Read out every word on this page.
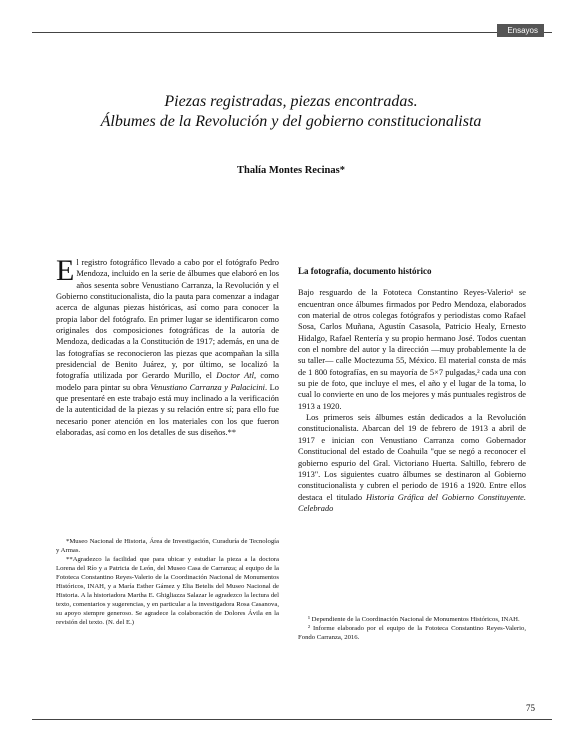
Ensayos
Piezas registradas, piezas encontradas.
Álbumes de la Revolución y del gobierno constitucionalista
Thalía Montes Recinas*

El registro fotográfico llevado a cabo por el fotógrafo Pedro Mendoza, incluido en la serie de álbumes que elaboró en los años sesenta sobre Venustiano Carranza, la Revolución y el Gobierno constitucionalista, dio la pauta para comenzar a indagar acerca de algunas piezas históricas, así como para conocer la propia labor del fotógrafo. En primer lugar se identificaron como originales dos composiciones fotográficas de la autoría de Mendoza, dedicadas a la Constitución de 1917; además, en una de las fotografías se reconocieron las piezas que acompañan la silla presidencial de Benito Juárez, y, por último, se localizó la fotografía utilizada por Gerardo Murillo, el Doctor Atl, como modelo para pintar su obra Venustiano Carranza y Palacicini. Lo que presentaré en este trabajo está muy inclinado a la verificación de la autenticidad de la piezas y su relación entre sí; para ello fue necesario poner atención en los materiales con los que fueron elaboradas, así como en los detalles de sus diseños.**

*Museo Nacional de Historia, Área de Investigación, Curaduría de Tecnología y Armas.

**Agradezco la facilidad que para ubicar y estudiar la pieza a la doctora Lorena del Río y a Patricia de León, del Museo Casa de Carranza; al equipo de la Fototeca Constantino Reyes-Valerio de la Coordinación Nacional de Monumentos Históricos, INAH, y a María Esther Gámez y Elia Betelis del Museo Nacional de Historia. A la historiadora Martha E. Ghigliazza Salazar le agradezco la lectura del texto, comentarios y sugerencias, y en particular a la investigadora Rosa Casanova, su apoyo siempre generoso. Se agradece la colaboración de Dolores Ávila en la revisión del texto. (N. del E.)

La fotografía, documento histórico

Bajo resguardo de la Fototeca Constantino Reyes-Valerio¹ se encuentran once álbumes firmados por Pedro Mendoza, elaborados con material de otros colegas fotógrafos y periodistas como Rafael Sosa, Carlos Muñana, Agustín Casasola, Patricio Healy, Ernesto Hidalgo, Rafael Rentería y su propio hermano José. Todos cuentan con el nombre del autor y la dirección —muy probablemente la de su taller— calle Moctezuma 55, México. El material consta de más de 1 800 fotografías, en su mayoría de 5×7 pulgadas,² cada una con su pie de foto, que incluye el mes, el año y el lugar de la toma, lo cual lo convierte en uno de los mejores y más puntuales registros de 1913 a 1920.

Los primeros seis álbumes están dedicados a la Revolución constitucionalista. Abarcan del 19 de febrero de 1913 a abril de 1917 e inician con Venustiano Carranza como Gobernador Constitucional del estado de Coahuila "que se negó a reconocer el gobierno espurio del Gral. Victoriano Huerta. Saltillo, febrero de 1913". Los siguientes cuatro álbumes se destinaron al Gobierno constitucionalista y cubren el periodo de 1916 a 1920. Entre ellos destaca el titulado Historia Gráfica del Gobierno Constituyente. Celebrado

¹ Dependiente de la Coordinación Nacional de Monumentos Históricos, INAH.

² Informe elaborado por el equipo de la Fototeca Constantino Reyes-Valerio, Fondo Carranza, 2016.

75
